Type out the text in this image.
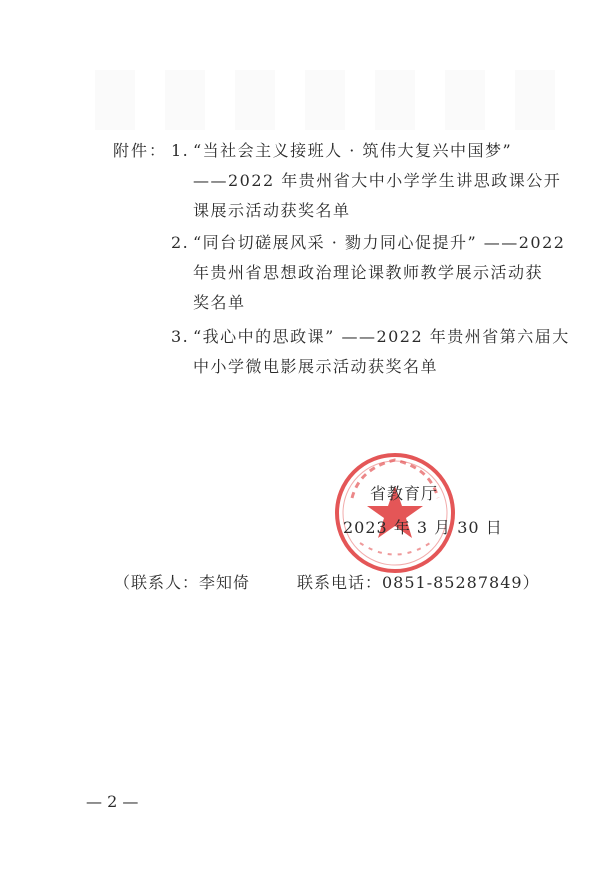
附件： 1. “当社会主义接班人 · 筑伟大复兴中国梦”
——2022 年贵州省大中小学学生讲思政课公开
课展示活动获奖名单
2. “同台切磋展风采 · 勠力同心促提升” ——2022
年贵州省思想政治理论课教师教学展示活动获
奖名单
3. “我心中的思政课” ——2022 年贵州省第六届大
中小学微电影展示活动获奖名单
省教育厅
2023 年 3 月 30 日
（联系人：李知倚	联系电话：0851-85287849）
— 2 —
